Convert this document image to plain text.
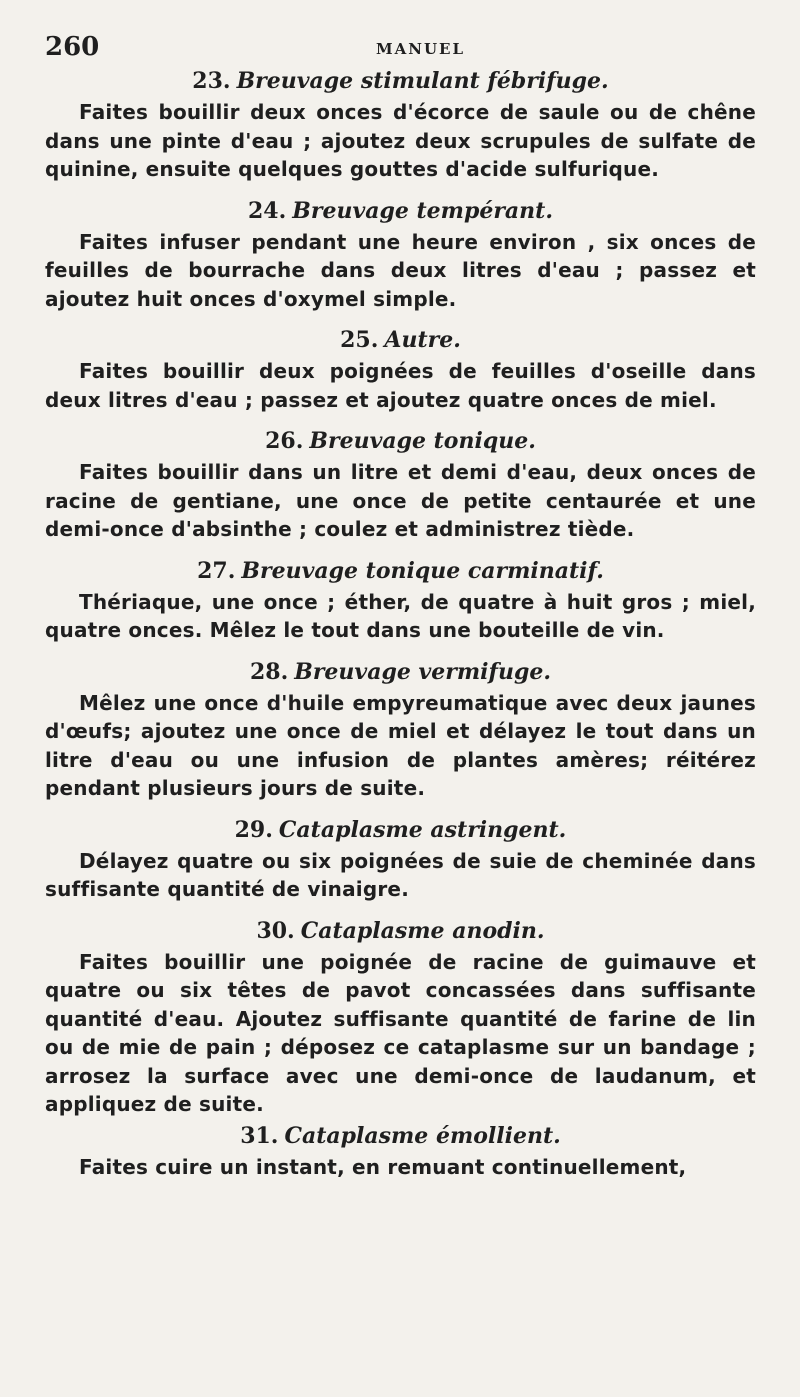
260	MANUEL
23. Breuvage stimulant fébrifuge.

Faites bouillir deux onces d'écorce de saule ou de chêne dans une pinte d'eau ; ajoutez deux scrupules de sulfate de quinine, ensuite quelques gouttes d'acide sulfurique.

24. Breuvage tempérant.

Faites infuser pendant une heure environ , six onces de feuilles de bourrache dans deux litres d'eau ; passez et ajoutez huit onces d'oxymel simple.

25. Autre.

Faites bouillir deux poignées de feuilles d'oseille dans deux litres d'eau ; passez et ajoutez quatre onces de miel.

26. Breuvage tonique.

Faites bouillir dans un litre et demi d'eau, deux onces de racine de gentiane, une once de petite centaurée et une demi-once d'absinthe ; coulez et administrez tiède.

27. Breuvage tonique carminatif.

Thériaque, une once ; éther, de quatre à huit gros ; miel, quatre onces. Mêlez le tout dans une bouteille de vin.

28. Breuvage vermifuge.

Mêlez une once d'huile empyreumatique avec deux jaunes d'œufs; ajoutez une once de miel et délayez le tout dans un litre d'eau ou une infusion de plantes amères; réitérez pendant plusieurs jours de suite.

29. Cataplasme astringent.

Délayez quatre ou six poignées de suie de cheminée dans suffisante quantité de vinaigre.

30. Cataplasme anodin.

Faites bouillir une poignée de racine de guimauve et quatre ou six têtes de pavot concassées dans suffisante quantité d'eau. Ajoutez suffisante quantité de farine de lin ou de mie de pain ; déposez ce cataplasme sur un bandage ; arrosez la surface avec une demi-once de laudanum, et appliquez de suite.

31. Cataplasme émollient.

Faites cuire un instant, en remuant continuellement,
